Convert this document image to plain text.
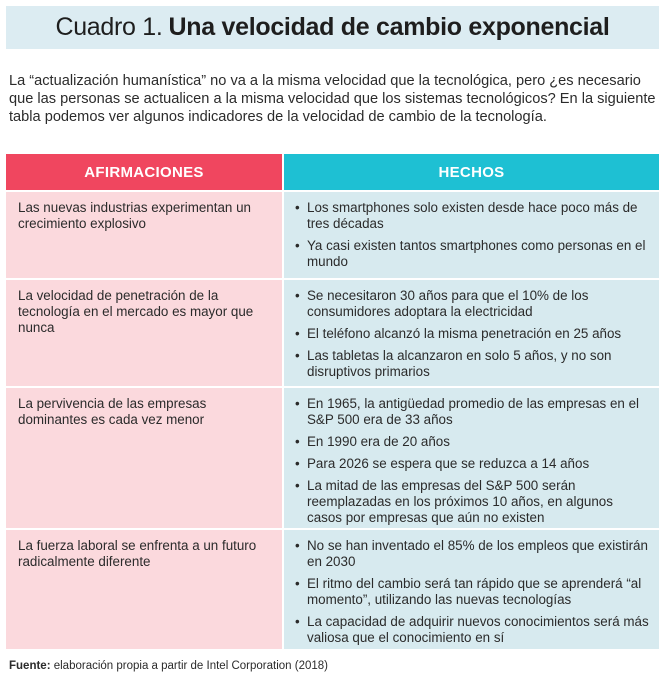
Cuadro 1. Una velocidad de cambio exponencial
La “actualización humanística” no va a la misma velocidad que la tecnológica, pero ¿es necesario que las personas se actualicen a la misma velocidad que los sistemas tecnológicos? En la siguiente tabla podemos ver algunos indicadores de la velocidad de cambio de la tecnología.
AFIRMACIONES	HECHOS
Las nuevas industrias experimentan un crecimiento explosivo
• Los smartphones solo existen desde hace poco más de tres décadas
• Ya casi existen tantos smartphones como personas en el mundo
La velocidad de penetración de la tecnología en el mercado es mayor que nunca
• Se necesitaron 30 años para que el 10% de los consumidores adoptara la electricidad
• El teléfono alcanzó la misma penetración en 25 años
• Las tabletas la alcanzaron en solo 5 años, y no son disruptivos primarios
La pervivencia de las empresas dominantes es cada vez menor
• En 1965, la antigüedad promedio de las empresas en el S&P 500 era de 33 años
• En 1990 era de 20 años
• Para 2026 se espera que se reduzca a 14 años
• La mitad de las empresas del S&P 500 serán reemplazadas en los próximos 10 años, en algunos casos por empresas que aún no existen
La fuerza laboral se enfrenta a un futuro radicalmente diferente
• No se han inventado el 85% de los empleos que existirán en 2030
• El ritmo del cambio será tan rápido que se aprenderá “al momento”, utilizando las nuevas tecnologías
• La capacidad de adquirir nuevos conocimientos será más valiosa que el conocimiento en sí
Fuente: elaboración propia a partir de Intel Corporation (2018)
